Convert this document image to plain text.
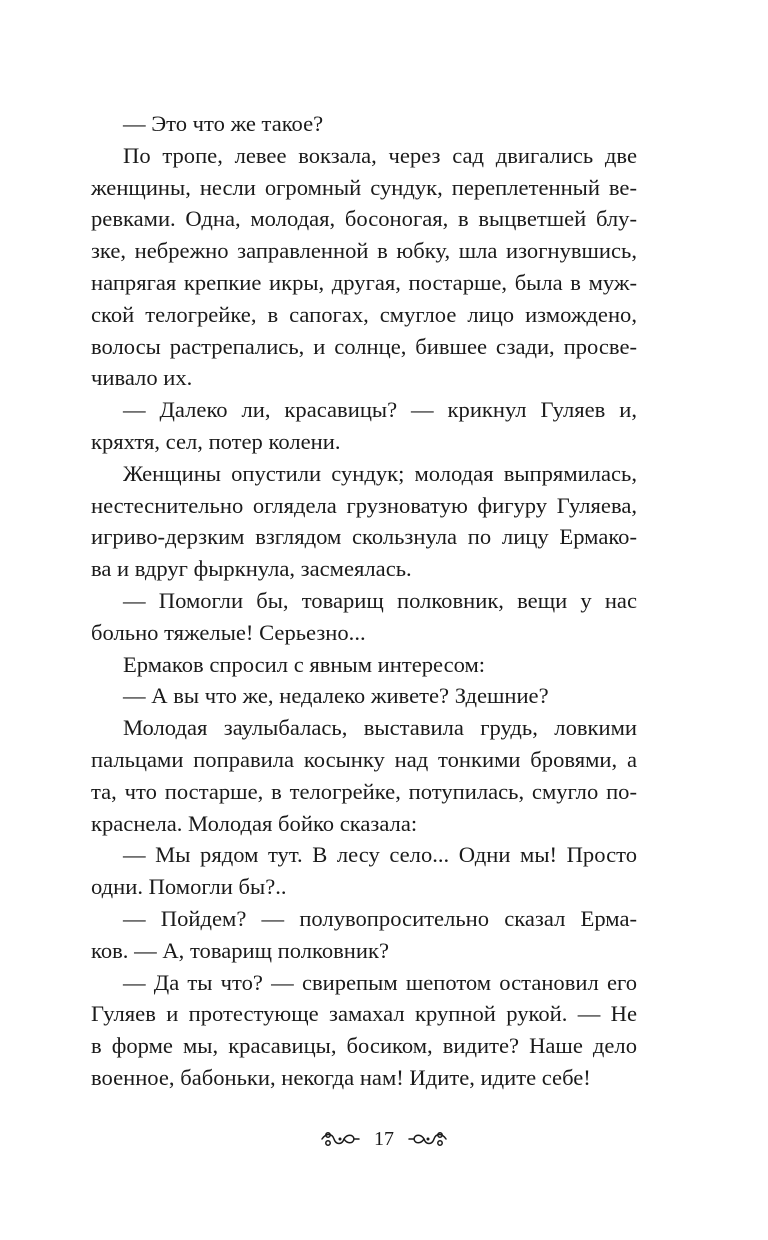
— Это что же такое?
По тропе, левее вокзала, через сад двигались две
женщины, несли огромный сундук, переплетенный ве-
ревками. Одна, молодая, босоногая, в выцветшей блу-
зке, небрежно заправленной в юбку, шла изогнувшись,
напрягая крепкие икры, другая, постарше, была в муж-
ской телогрейке, в сапогах, смуглое лицо измождено,
волосы растрепались, и солнце, бившее сзади, просве-
чивало их.
— Далеко ли, красавицы? — крикнул Гуляев и,
кряхтя, сел, потер колени.
Женщины опустили сундук; молодая выпрямилась,
нестеснительно оглядела грузноватую фигуру Гуляева,
игриво-дерзким взглядом скользнула по лицу Ермако-
ва и вдруг фыркнула, засмеялась.
— Помогли бы, товарищ полковник, вещи у нас
больно тяжелые! Серьезно...
Ермаков спросил с явным интересом:
— А вы что же, недалеко живете? Здешние?
Молодая заулыбалась, выставила грудь, ловкими
пальцами поправила косынку над тонкими бровями, а
та, что постарше, в телогрейке, потупилась, смугло по-
краснела. Молодая бойко сказала:
— Мы рядом тут. В лесу село... Одни мы! Просто
одни. Помогли бы?..
— Пойдем? — полувопросительно сказал Ерма-
ков. — А, товарищ полковник?
— Да ты что? — свирепым шепотом остановил его
Гуляев и протестующе замахал крупной рукой. — Не
в форме мы, красавицы, босиком, видите? Наше дело
военное, бабоньки, некогда нам! Идите, идите себе!
17
